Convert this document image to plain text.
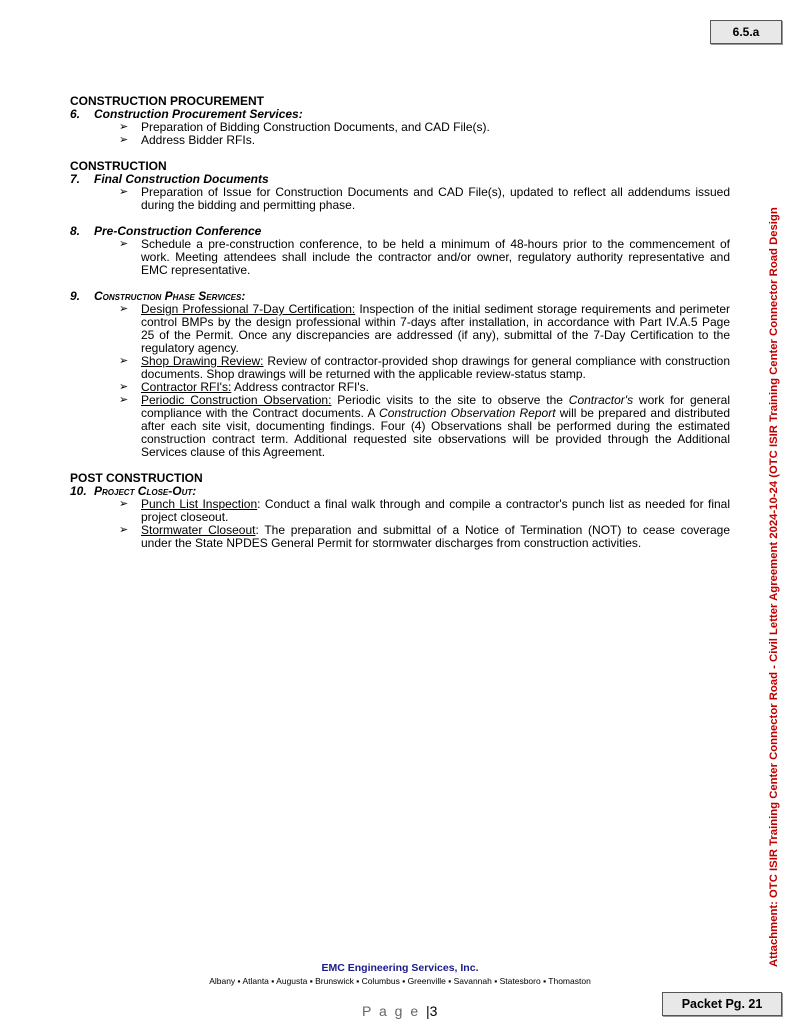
6.5.a
Attachment: OTC ISIR Training Center Connector Road - Civil Letter Agreement 2024-10-24 (OTC ISIR Training Center Connector Road Design
CONSTRUCTION PROCUREMENT
6. Construction Procurement Services:
➢ Preparation of Bidding Construction Documents, and CAD File(s).
➢ Address Bidder RFIs.
CONSTRUCTION
7. Final Construction Documents
➢ Preparation of Issue for Construction Documents and CAD File(s), updated to reflect all addendums issued during the bidding and permitting phase.
8. Pre-Construction Conference
➢ Schedule a pre-construction conference, to be held a minimum of 48-hours prior to the commencement of work. Meeting attendees shall include the contractor and/or owner, regulatory authority representative and EMC representative.
9. Construction Phase Services:
➢ Design Professional 7-Day Certification: Inspection of the initial sediment storage requirements and perimeter control BMPs by the design professional within 7-days after installation, in accordance with Part IV.A.5 Page 25 of the Permit. Once any discrepancies are addressed (if any), submittal of the 7-Day Certification to the regulatory agency.
➢ Shop Drawing Review: Review of contractor-provided shop drawings for general compliance with construction documents. Shop drawings will be returned with the applicable review-status stamp.
➢ Contractor RFI's: Address contractor RFI's.
➢ Periodic Construction Observation: Periodic visits to the site to observe the Contractor's work for general compliance with the Contract documents. A Construction Observation Report will be prepared and distributed after each site visit, documenting findings. Four (4) Observations shall be performed during the estimated construction contract term. Additional requested site observations will be provided through the Additional Services clause of this Agreement.
POST CONSTRUCTION
10. Project Close-Out:
➢ Punch List Inspection: Conduct a final walk through and compile a contractor's punch list as needed for final project closeout.
➢ Stormwater Closeout: The preparation and submittal of a Notice of Termination (NOT) to cease coverage under the State NPDES General Permit for stormwater discharges from construction activities.
EMC Engineering Services, Inc.
Albany ▪ Atlanta ▪ Augusta ▪ Brunswick ▪ Columbus ▪ Greenville ▪ Savannah ▪ Statesboro ▪ Thomaston
P a g e |3	Packet Pg. 21
